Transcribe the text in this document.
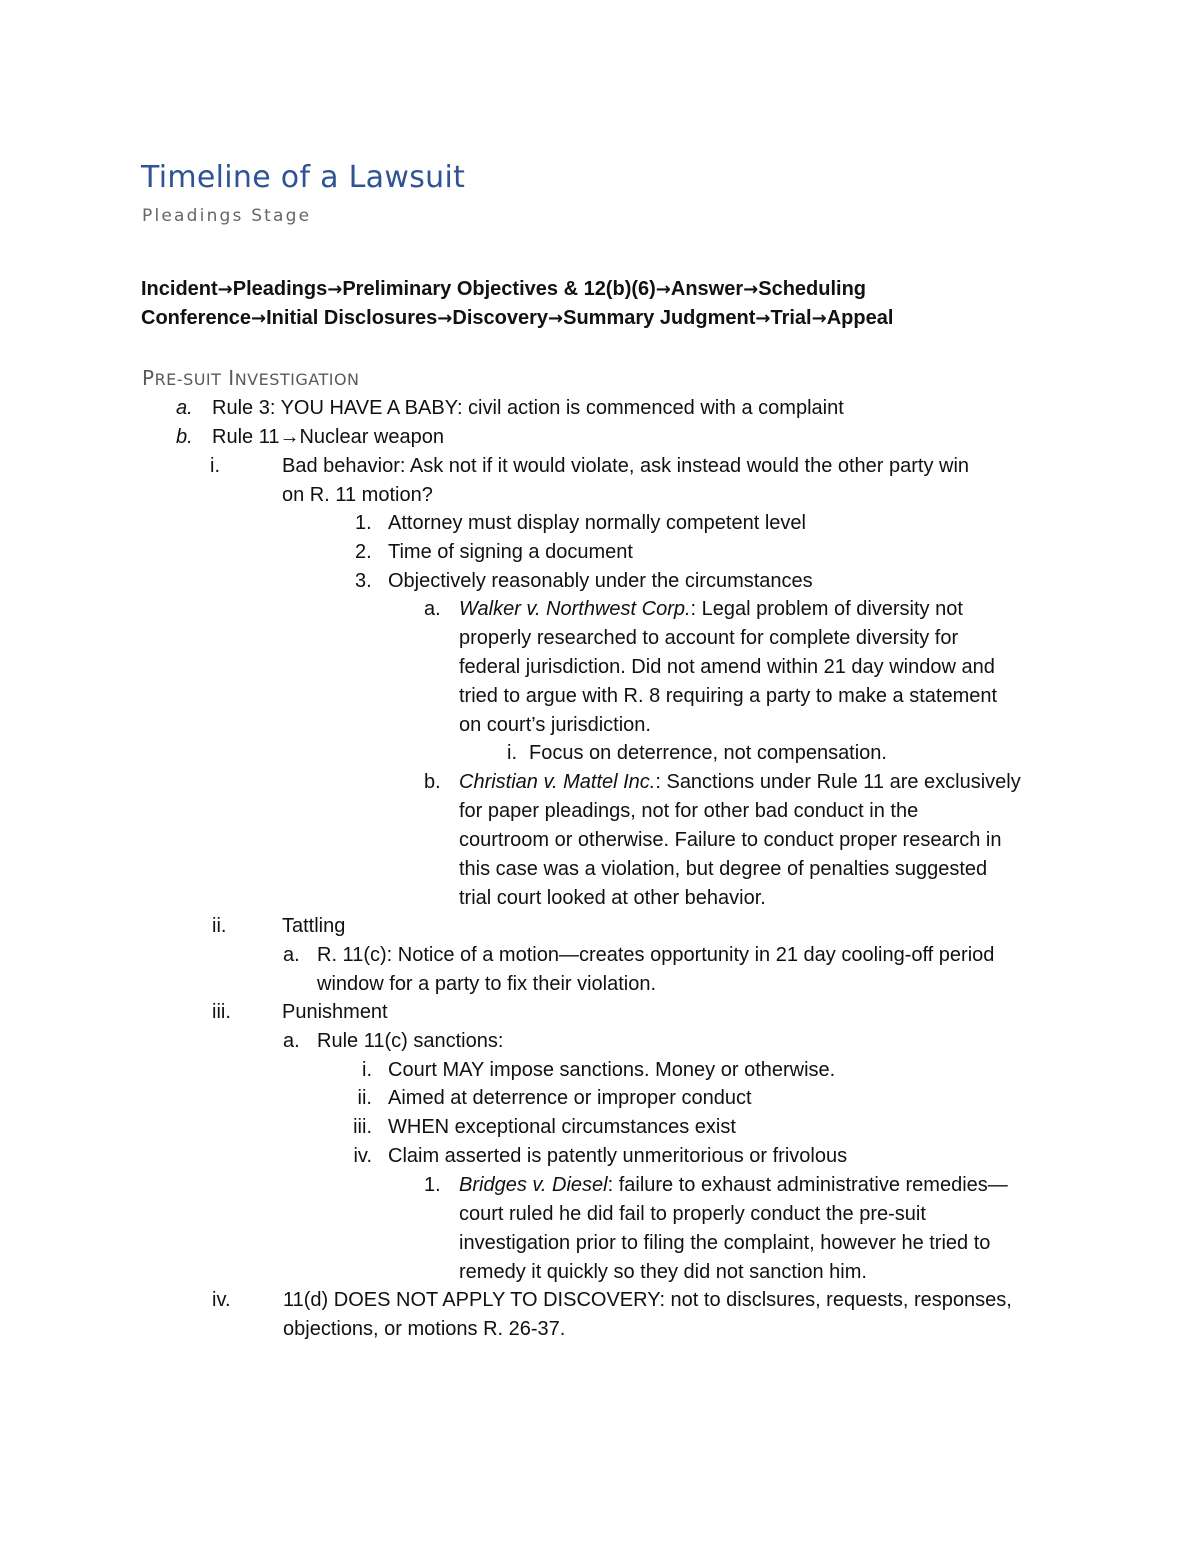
Timeline of a Lawsuit
Pleadings Stage
Incident→Pleadings→Preliminary Objectives & 12(b)(6)→Answer→Scheduling
Conference→Initial Disclosures→Discovery→Summary Judgment→Trial→Appeal
PRE-SUIT INVESTIGATION
a. Rule 3: YOU HAVE A BABY: civil action is commenced with a complaint
b. Rule 11→Nuclear weapon
i.	Bad behavior: Ask not if it would violate, ask instead would the other party win
on R. 11 motion?
1. Attorney must display normally competent level
2. Time of signing a document
3. Objectively reasonably under the circumstances
a. Walker v. Northwest Corp.: Legal problem of diversity not
properly researched to account for complete diversity for
federal jurisdiction. Did not amend within 21 day window and
tried to argue with R. 8 requiring a party to make a statement
on court’s jurisdiction.
i. Focus on deterrence, not compensation.
b. Christian v. Mattel Inc.: Sanctions under Rule 11 are exclusively
for paper pleadings, not for other bad conduct in the
courtroom or otherwise. Failure to conduct proper research in
this case was a violation, but degree of penalties suggested
trial court looked at other behavior.
ii.	Tattling
a. R. 11(c): Notice of a motion—creates opportunity in 21 day cooling-off period
window for a party to fix their violation.
iii.	Punishment
a. Rule 11(c) sanctions:
i. Court MAY impose sanctions. Money or otherwise.
ii. Aimed at deterrence or improper conduct
iii. WHEN exceptional circumstances exist
iv. Claim asserted is patently unmeritorious or frivolous
1. Bridges v. Diesel: failure to exhaust administrative remedies—
court ruled he did fail to properly conduct the pre-suit
investigation prior to filing the complaint, however he tried to
remedy it quickly so they did not sanction him.
iv.	11(d) DOES NOT APPLY TO DISCOVERY: not to disclsures, requests, responses,
objections, or motions R. 26-37.
